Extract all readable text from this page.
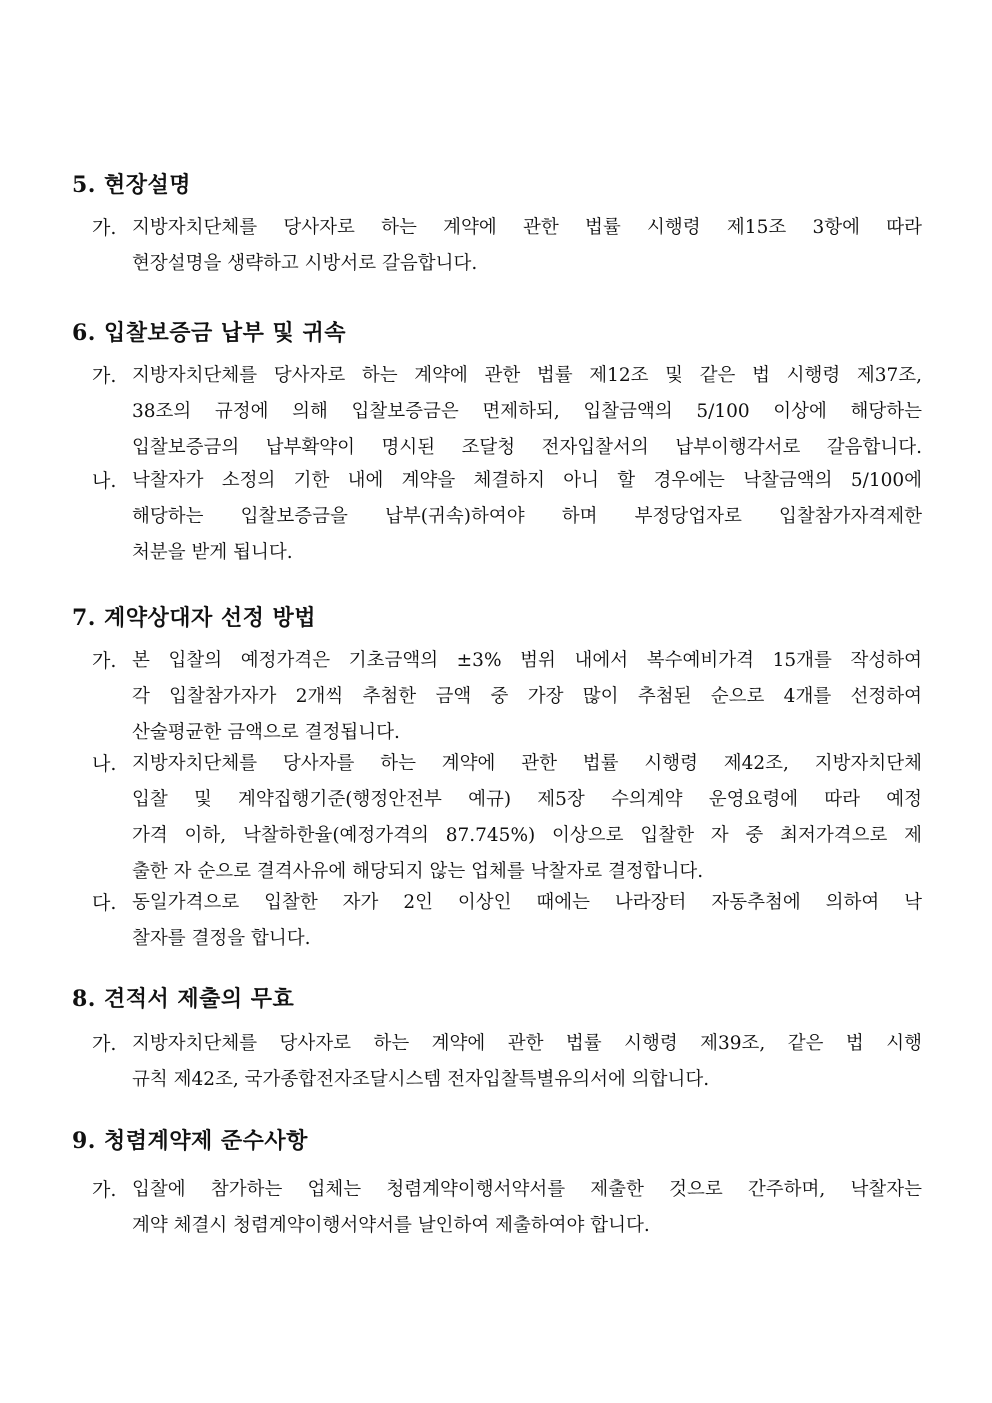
5. 현장설명
가. 지방자치단체를 당사자로 하는 계약에 관한 법률 시행령 제15조 3항에 따라
현장설명을 생략하고 시방서로 갈음합니다.
6. 입찰보증금 납부 및 귀속
가. 지방자치단체를 당사자로 하는 계약에 관한 법률 제12조 및 같은 법 시행령 제37조,
38조의 규정에 의해 입찰보증금은 면제하되, 입찰금액의 5/100 이상에 해당하는
입찰보증금의 납부확약이 명시된 조달청 전자입찰서의 납부이행각서로 갈음합니다.
나. 낙찰자가 소정의 기한 내에 계약을 체결하지 아니 할 경우에는 낙찰금액의 5/100에
해당하는 입찰보증금을 납부(귀속)하여야 하며 부정당업자로 입찰참가자격제한
처분을 받게 됩니다.
7. 계약상대자 선정 방법
가. 본 입찰의 예정가격은 기초금액의 ±3% 범위 내에서 복수예비가격 15개를 작성하여
각 입찰참가자가 2개씩 추첨한 금액 중 가장 많이 추첨된 순으로 4개를 선정하여
산술평균한 금액으로 결정됩니다.
나. 지방자치단체를 당사자를 하는 계약에 관한 법률 시행령 제42조, 지방자치단체
입찰 및 계약집행기준(행정안전부 예규) 제5장 수의계약 운영요령에 따라 예정
가격 이하, 낙찰하한율(예정가격의 87.745%) 이상으로 입찰한 자 중 최저가격으로 제
출한 자 순으로 결격사유에 해당되지 않는 업체를 낙찰자로 결정합니다.
다. 동일가격으로 입찰한 자가 2인 이상인 때에는 나라장터 자동추첨에 의하여 낙
찰자를 결정을 합니다.
8. 견적서 제출의 무효
가. 지방자치단체를 당사자로 하는 계약에 관한 법률 시행령 제39조, 같은 법 시행
규칙 제42조, 국가종합전자조달시스템 전자입찰특별유의서에 의합니다.
9. 청렴계약제 준수사항
가. 입찰에 참가하는 업체는 청렴계약이행서약서를 제출한 것으로 간주하며, 낙찰자는
계약 체결시 청렴계약이행서약서를 날인하여 제출하여야 합니다.
